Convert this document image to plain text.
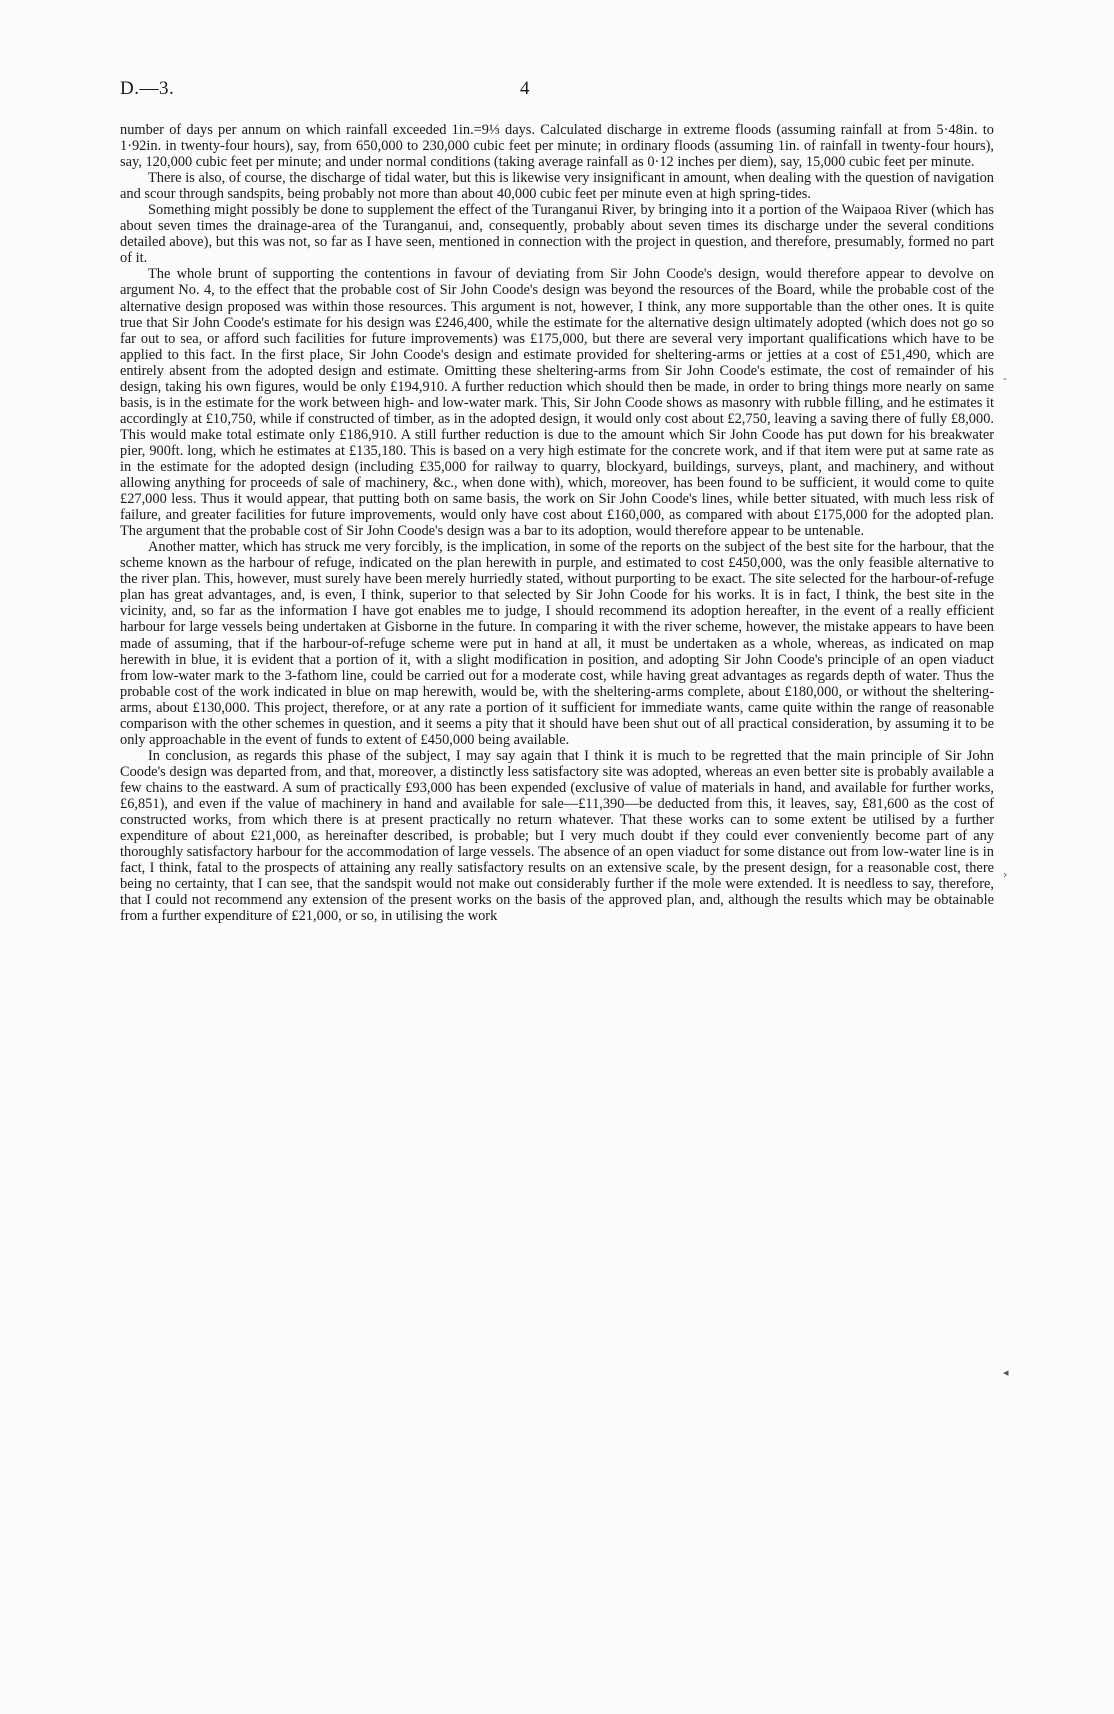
D.—3.	4

number of days per annum on which rainfall exceeded 1in.=9⅓ days. Calculated discharge in extreme floods (assuming rainfall at from 5·48in. to 1·92in. in twenty-four hours), say, from 650,000 to 230,000 cubic feet per minute; in ordinary floods (assuming 1in. of rainfall in twenty-four hours), say, 120,000 cubic feet per minute; and under normal conditions (taking average rainfall as 0·12 inches per diem), say, 15,000 cubic feet per minute.

There is also, of course, the discharge of tidal water, but this is likewise very insignificant in amount, when dealing with the question of navigation and scour through sandspits, being probably not more than about 40,000 cubic feet per minute even at high spring-tides.

Something might possibly be done to supplement the effect of the Turanganui River, by bringing into it a portion of the Waipaoa River (which has about seven times the drainage-area of the Turanganui, and, consequently, probably about seven times its discharge under the several conditions detailed above), but this was not, so far as I have seen, mentioned in connection with the project in question, and therefore, presumably, formed no part of it.

The whole brunt of supporting the contentions in favour of deviating from Sir John Coode's design, would therefore appear to devolve on argument No. 4, to the effect that the probable cost of Sir John Coode's design was beyond the resources of the Board, while the probable cost of the alternative design proposed was within those resources. This argument is not, however, I think, any more supportable than the other ones. It is quite true that Sir John Coode's estimate for his design was £246,400, while the estimate for the alternative design ultimately adopted (which does not go so far out to sea, or afford such facilities for future improvements) was £175,000, but there are several very important qualifications which have to be applied to this fact. In the first place, Sir John Coode's design and estimate provided for sheltering-arms or jetties at a cost of £51,490, which are entirely absent from the adopted design and estimate. Omitting these sheltering-arms from Sir John Coode's estimate, the cost of remainder of his design, taking his own figures, would be only £194,910. A further reduction which should then be made, in order to bring things more nearly on same basis, is in the estimate for the work between high- and low-water mark. This, Sir John Coode shows as masonry with rubble filling, and he estimates it accordingly at £10,750, while if constructed of timber, as in the adopted design, it would only cost about £2,750, leaving a saving there of fully £8,000. This would make total estimate only £186,910. A still further reduction is due to the amount which Sir John Coode has put down for his breakwater pier, 900ft. long, which he estimates at £135,180. This is based on a very high estimate for the concrete work, and if that item were put at same rate as in the estimate for the adopted design (including £35,000 for railway to quarry, blockyard, buildings, surveys, plant, and machinery, and without allowing anything for proceeds of sale of machinery, &c., when done with), which, moreover, has been found to be sufficient, it would come to quite £27,000 less. Thus it would appear, that putting both on same basis, the work on Sir John Coode's lines, while better situated, with much less risk of failure, and greater facilities for future improvements, would only have cost about £160,000, as compared with about £175,000 for the adopted plan. The argument that the probable cost of Sir John Coode's design was a bar to its adoption, would therefore appear to be untenable.

Another matter, which has struck me very forcibly, is the implication, in some of the reports on the subject of the best site for the harbour, that the scheme known as the harbour of refuge, indicated on the plan herewith in purple, and estimated to cost £450,000, was the only feasible alternative to the river plan. This, however, must surely have been merely hurriedly stated, without purporting to be exact. The site selected for the harbour-of-refuge plan has great advantages, and, is even, I think, superior to that selected by Sir John Coode for his works. It is in fact, I think, the best site in the vicinity, and, so far as the information I have got enables me to judge, I should recommend its adoption hereafter, in the event of a really efficient harbour for large vessels being undertaken at Gisborne in the future. In comparing it with the river scheme, however, the mistake appears to have been made of assuming, that if the harbour-of-refuge scheme were put in hand at all, it must be undertaken as a whole, whereas, as indicated on map herewith in blue, it is evident that a portion of it, with a slight modification in position, and adopting Sir John Coode's principle of an open viaduct from low-water mark to the 3-fathom line, could be carried out for a moderate cost, while having great advantages as regards depth of water. Thus the probable cost of the work indicated in blue on map herewith, would be, with the sheltering-arms complete, about £180,000, or without the sheltering-arms, about £130,000. This project, therefore, or at any rate a portion of it sufficient for immediate wants, came quite within the range of reasonable comparison with the other schemes in question, and it seems a pity that it should have been shut out of all practical consideration, by assuming it to be only approachable in the event of funds to extent of £450,000 being available.

In conclusion, as regards this phase of the subject, I may say again that I think it is much to be regretted that the main principle of Sir John Coode's design was departed from, and that, moreover, a distinctly less satisfactory site was adopted, whereas an even better site is probably available a few chains to the eastward. A sum of practically £93,000 has been expended (exclusive of value of materials in hand, and available for further works, £6,851), and even if the value of machinery in hand and available for sale—£11,390—be deducted from this, it leaves, say, £81,600 as the cost of constructed works, from which there is at present practically no return whatever. That these works can to some extent be utilised by a further expenditure of about £21,000, as hereinafter described, is probable; but I very much doubt if they could ever conveniently become part of any thoroughly satisfactory harbour for the accommodation of large vessels. The absence of an open viaduct for some distance out from low-water line is in fact, I think, fatal to the prospects of attaining any really satisfactory results on an extensive scale, by the present design, for a reasonable cost, there being no certainty, that I can see, that the sandspit would not make out considerably further if the mole were extended. It is needless to say, therefore, that I could not recommend any extension of the present works on the basis of the approved plan, and, although the results which may be obtainable from a further expenditure of £21,000, or so, in utilising the work

‑
›
◂
